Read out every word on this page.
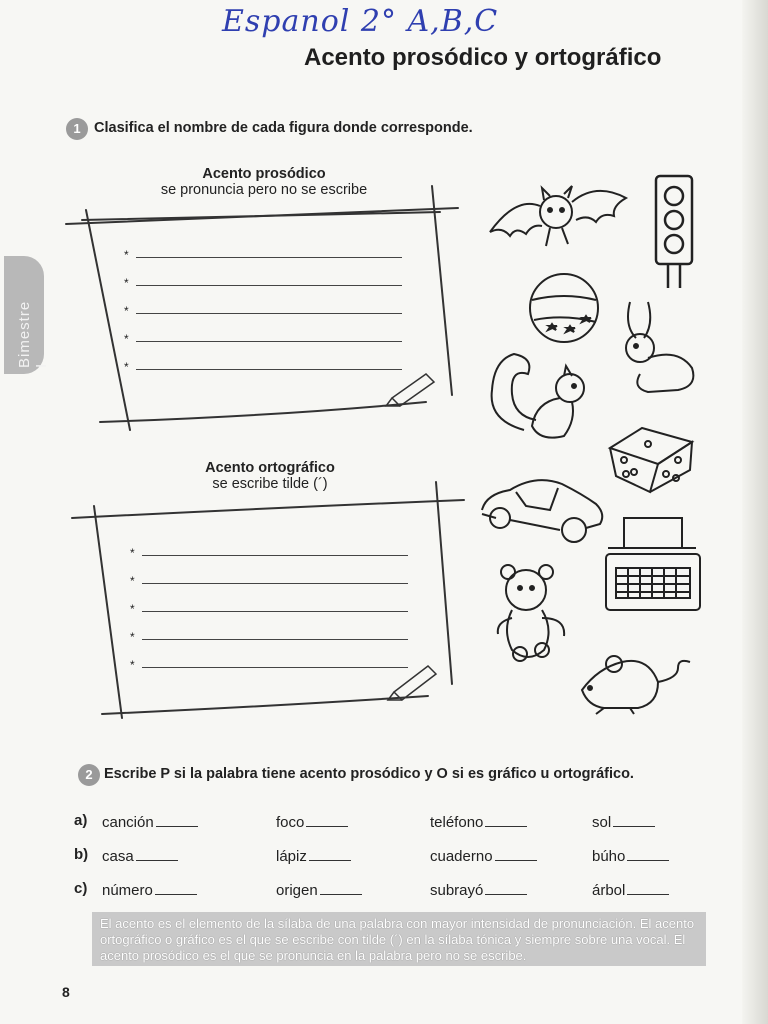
Espanol 2° A,B,C
Acento prosódico y ortográfico
Bimestre I
1 Clasifica el nombre de cada figura donde corresponde.
Acento prosódico
se pronuncia pero no se escribe
*
*
*
*
*
Acento ortográfico
se escribe tilde (´)
*
*
*
*
*
2 Escribe P si la palabra tiene acento prosódico y O si es gráfico u ortográfico.
a) canción	foco	teléfono	sol
b) casa	lápiz	cuaderno	búho
c) número	origen	subrayó	árbol
El acento es el elemento de la sílaba de una palabra con mayor intensidad de pronunciación. El acento ortográfico o gráfico es el que se escribe con tilde (´) en la sílaba tónica y siempre sobre una vocal. El acento prosódico es el que se pronuncia en la palabra pero no se escribe.
8
